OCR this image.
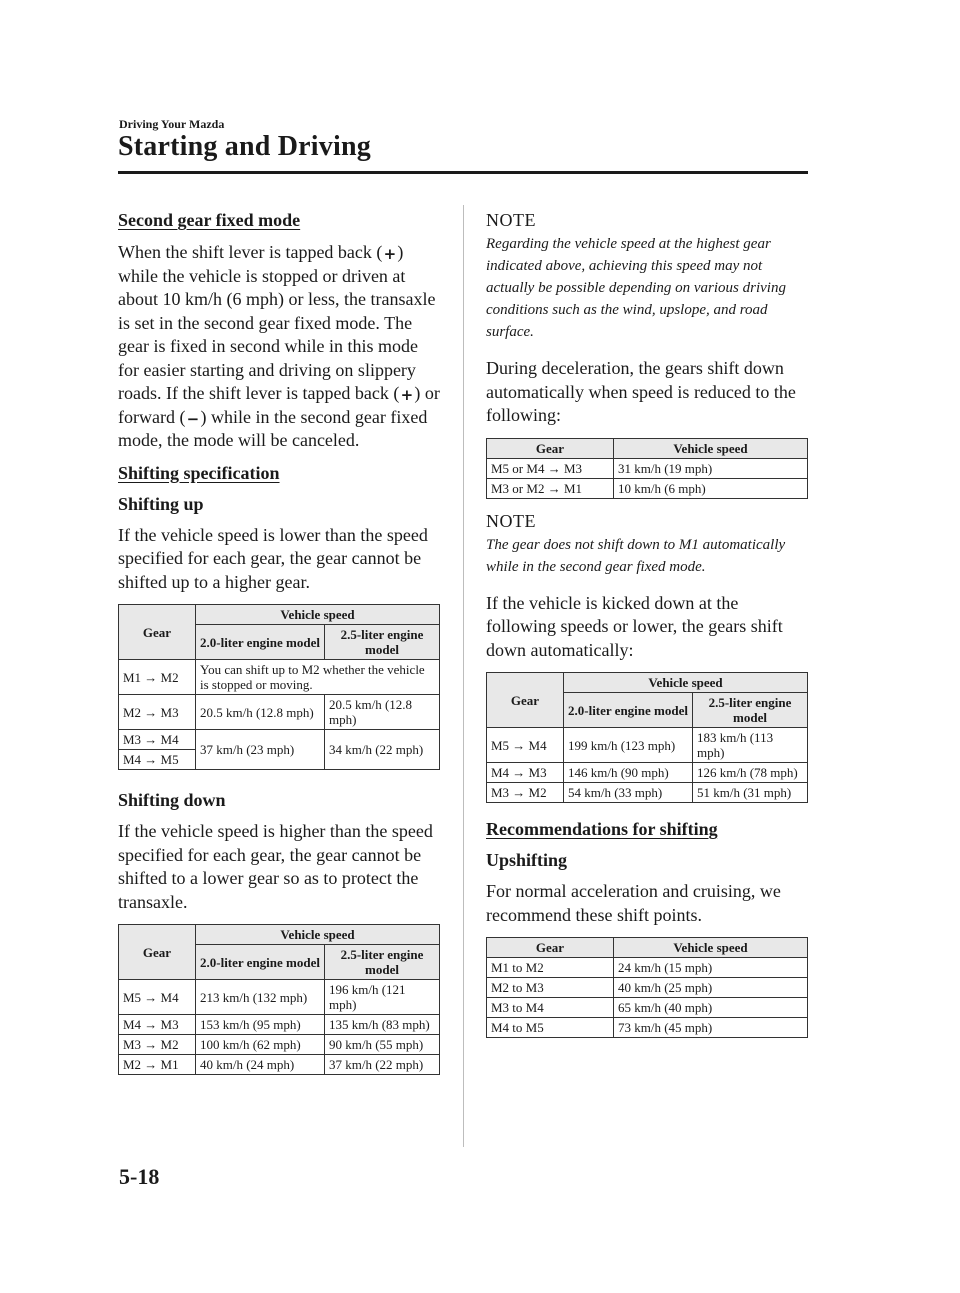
Driving Your Mazda
Starting and Driving
Second gear fixed mode

When the shift lever is tapped back (+) while the vehicle is stopped or driven at about 10 km/h (6 mph) or less, the transaxle is set in the second gear fixed mode. The gear is fixed in second while in this mode for easier starting and driving on slippery roads. If the shift lever is tapped back (+) or forward (−) while in the second gear fixed mode, the mode will be canceled.

Shifting specification
Shifting up

If the vehicle speed is lower than the speed specified for each gear, the gear cannot be shifted up to a higher gear.

Gear	Vehicle speed	
	2.0-liter engine model	2.5-liter engine model
M1 → M2	You can shift up to M2 whether the vehicle is stopped or moving.	
M2 → M3	20.5 km/h (12.8 mph)	20.5 km/h (12.8 mph)
M3 → M4	37 km/h (23 mph)	34 km/h (22 mph)
M4 → M5		
Shifting down

If the vehicle speed is higher than the speed specified for each gear, the gear cannot be shifted to a lower gear so as to protect the transaxle.

Gear	Vehicle speed	
	2.0-liter engine model	2.5-liter engine model
M5 → M4	213 km/h (132 mph)	196 km/h (121 mph)
M4 → M3	153 km/h (95 mph)	135 km/h (83 mph)
M3 → M2	100 km/h (62 mph)	90 km/h (55 mph)
M2 → M1	40 km/h (24 mph)	37 km/h (22 mph)
NOTE

Regarding the vehicle speed at the highest gear indicated above, achieving this speed may not actually be possible depending on various driving conditions such as the wind, upslope, and road surface.

During deceleration, the gears shift down automatically when speed is reduced to the following:

Gear	Vehicle speed
M5 or M4 → M3	31 km/h (19 mph)
M3 or M2 → M1	10 km/h (6 mph)
NOTE

The gear does not shift down to M1 automatically while in the second gear fixed mode.

If the vehicle is kicked down at the following speeds or lower, the gears shift down automatically:

Gear	Vehicle speed	
	2.0-liter engine model	2.5-liter engine model
M5 → M4	199 km/h (123 mph)	183 km/h (113 mph)
M4 → M3	146 km/h (90 mph)	126 km/h (78 mph)
M3 → M2	54 km/h (33 mph)	51 km/h (31 mph)
Recommendations for shifting
Upshifting

For normal acceleration and cruising, we recommend these shift points.

Gear	Vehicle speed
M1 to M2	24 km/h (15 mph)
M2 to M3	40 km/h (25 mph)
M3 to M4	65 km/h (40 mph)
M4 to M5	73 km/h (45 mph)
5-18
